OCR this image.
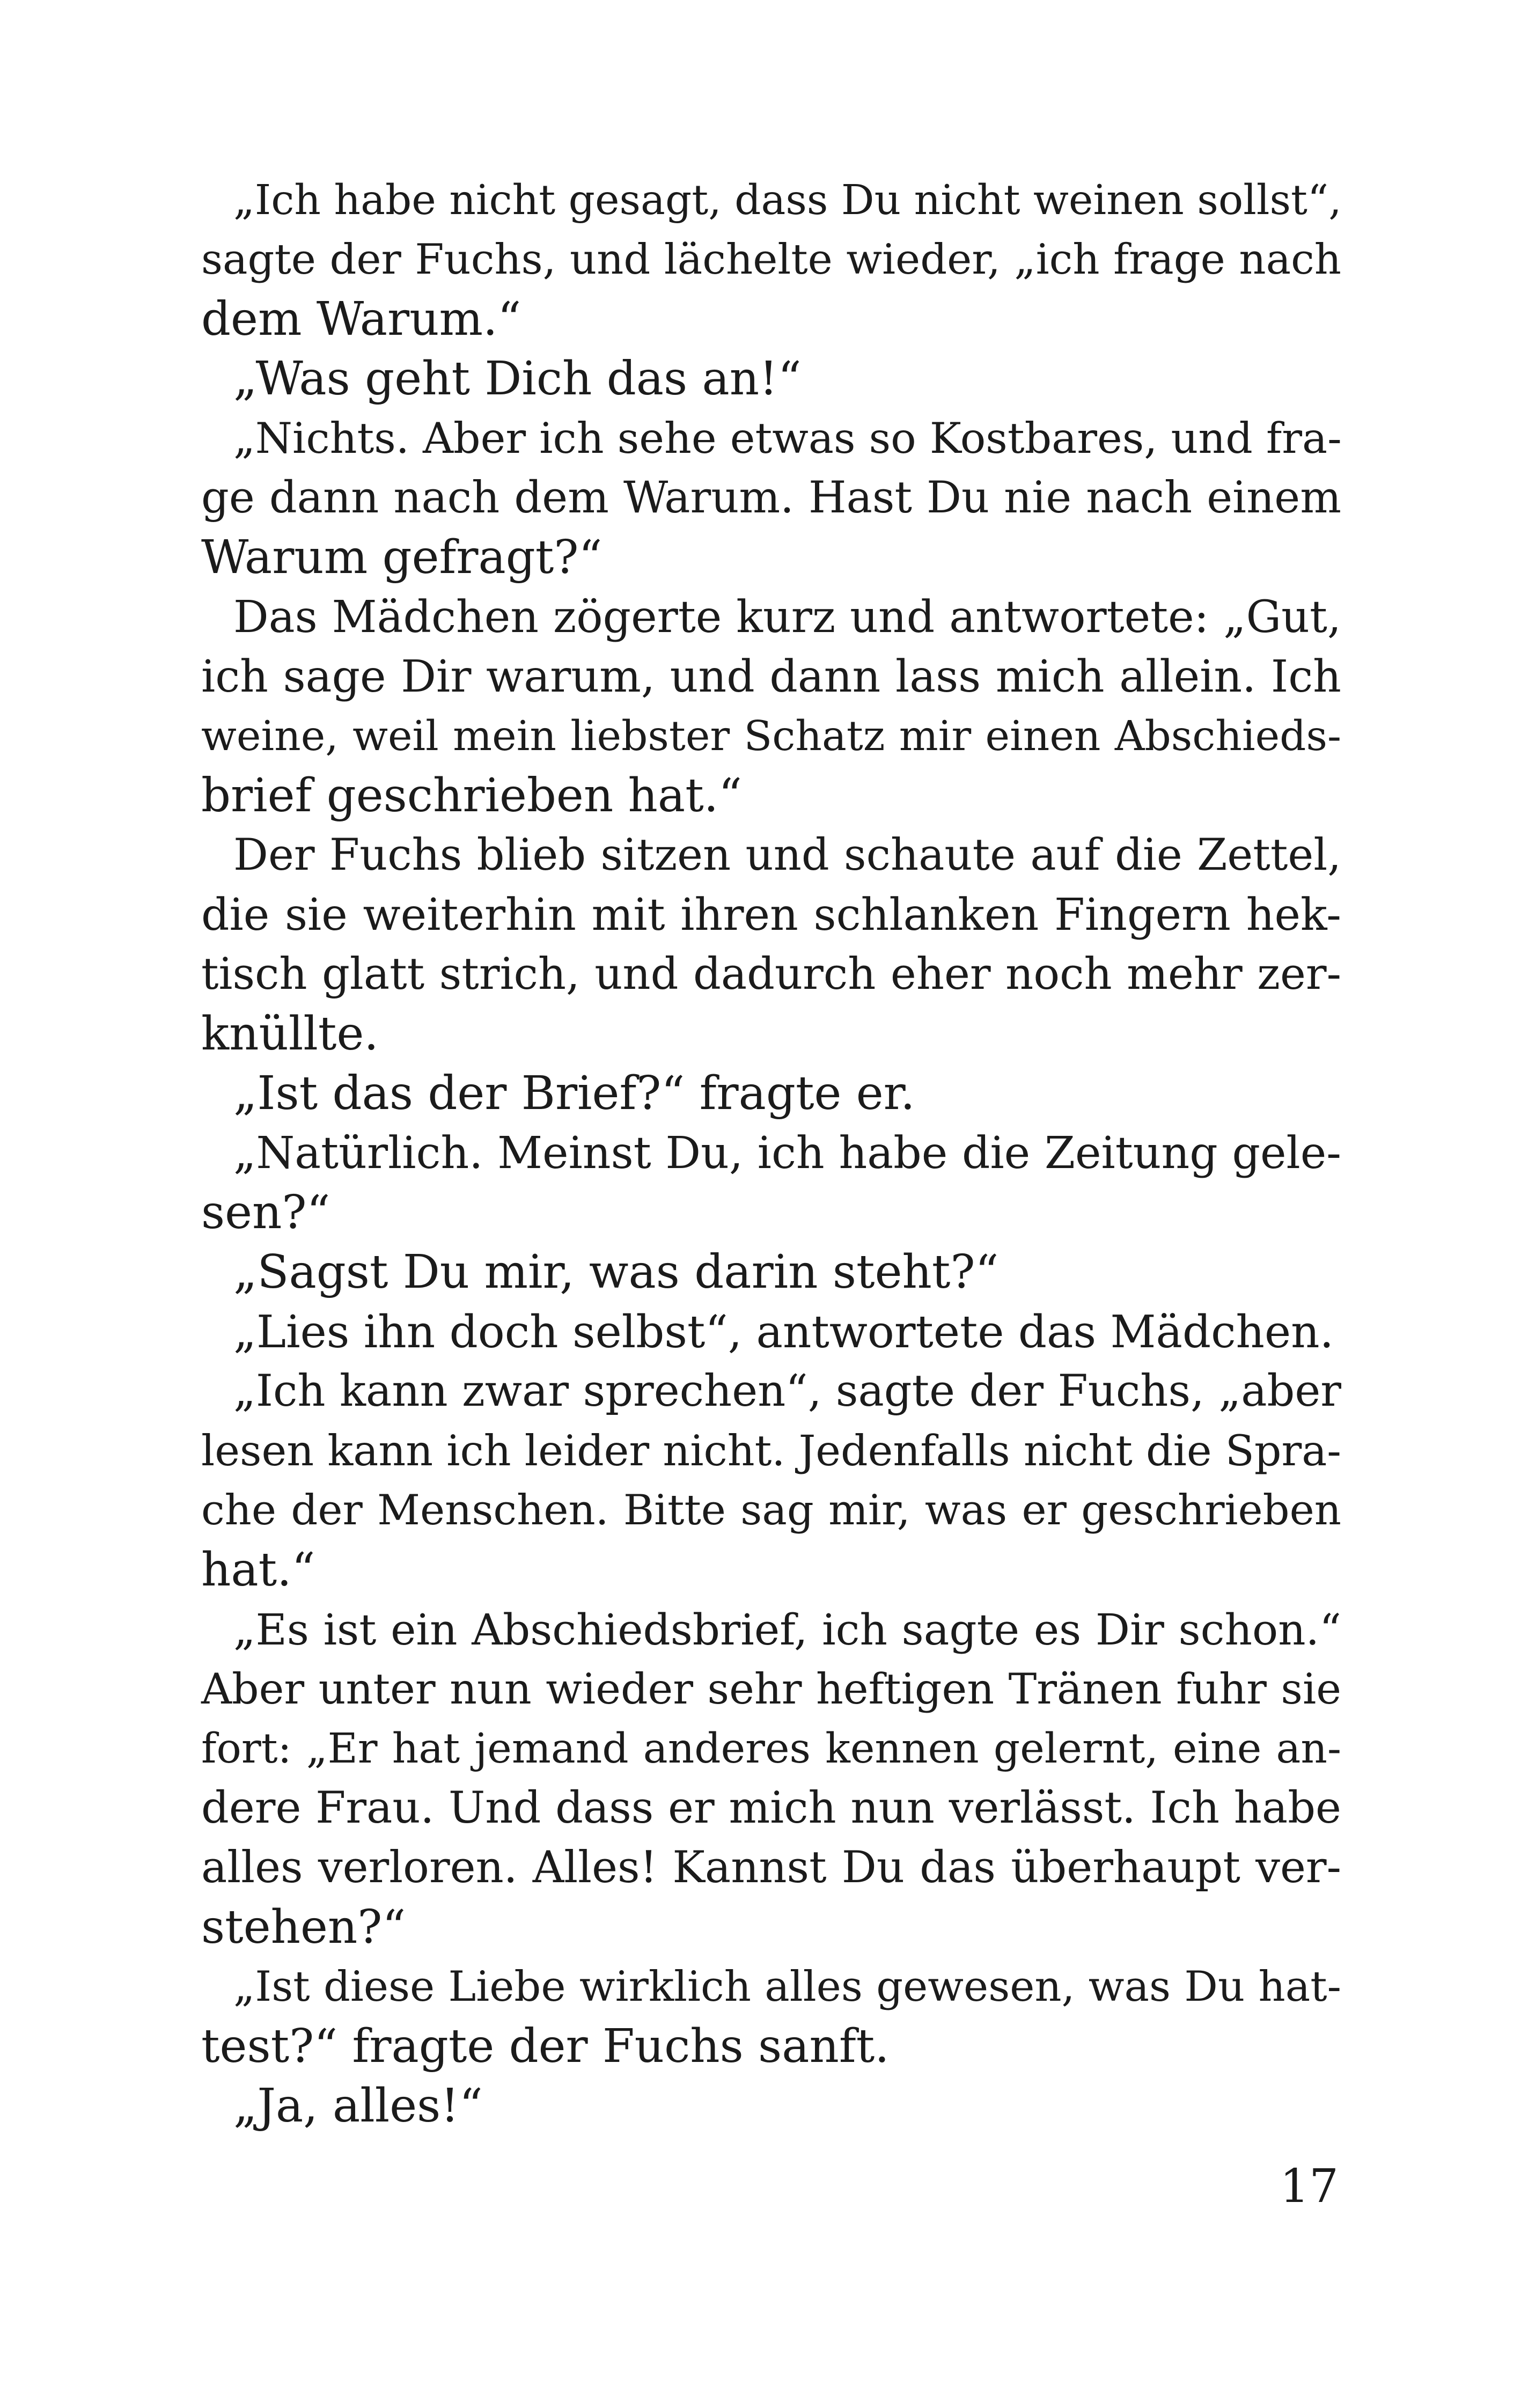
„Ich habe nicht gesagt, dass Du nicht weinen sollst“,
sagte der Fuchs, und lächelte wieder, „ich frage nach
dem Warum.“
„Was geht Dich das an!“
„Nichts. Aber ich sehe etwas so Kostbares, und fra-
ge dann nach dem Warum. Hast Du nie nach einem
Warum gefragt?“
Das Mädchen zögerte kurz und antwortete: „Gut,
ich sage Dir warum, und dann lass mich allein. Ich
weine, weil mein liebster Schatz mir einen Abschieds-
brief geschrieben hat.“
Der Fuchs blieb sitzen und schaute auf die Zettel,
die sie weiterhin mit ihren schlanken Fingern hek-
tisch glatt strich, und dadurch eher noch mehr zer-
knüllte.
„Ist das der Brief?“ fragte er.
„Natürlich. Meinst Du, ich habe die Zeitung gele-
sen?“
„Sagst Du mir, was darin steht?“
„Lies ihn doch selbst“, antwortete das Mädchen.
„Ich kann zwar sprechen“, sagte der Fuchs, „aber
lesen kann ich leider nicht. Jedenfalls nicht die Spra-
che der Menschen. Bitte sag mir, was er geschrieben
hat.“
„Es ist ein Abschiedsbrief, ich sagte es Dir schon.“
Aber unter nun wieder sehr heftigen Tränen fuhr sie
fort: „Er hat jemand anderes kennen gelernt, eine an-
dere Frau. Und dass er mich nun verlässt. Ich habe
alles verloren. Alles! Kannst Du das überhaupt ver-
stehen?“
„Ist diese Liebe wirklich alles gewesen, was Du hat-
test?“ fragte der Fuchs sanft.
„Ja, alles!“
17
